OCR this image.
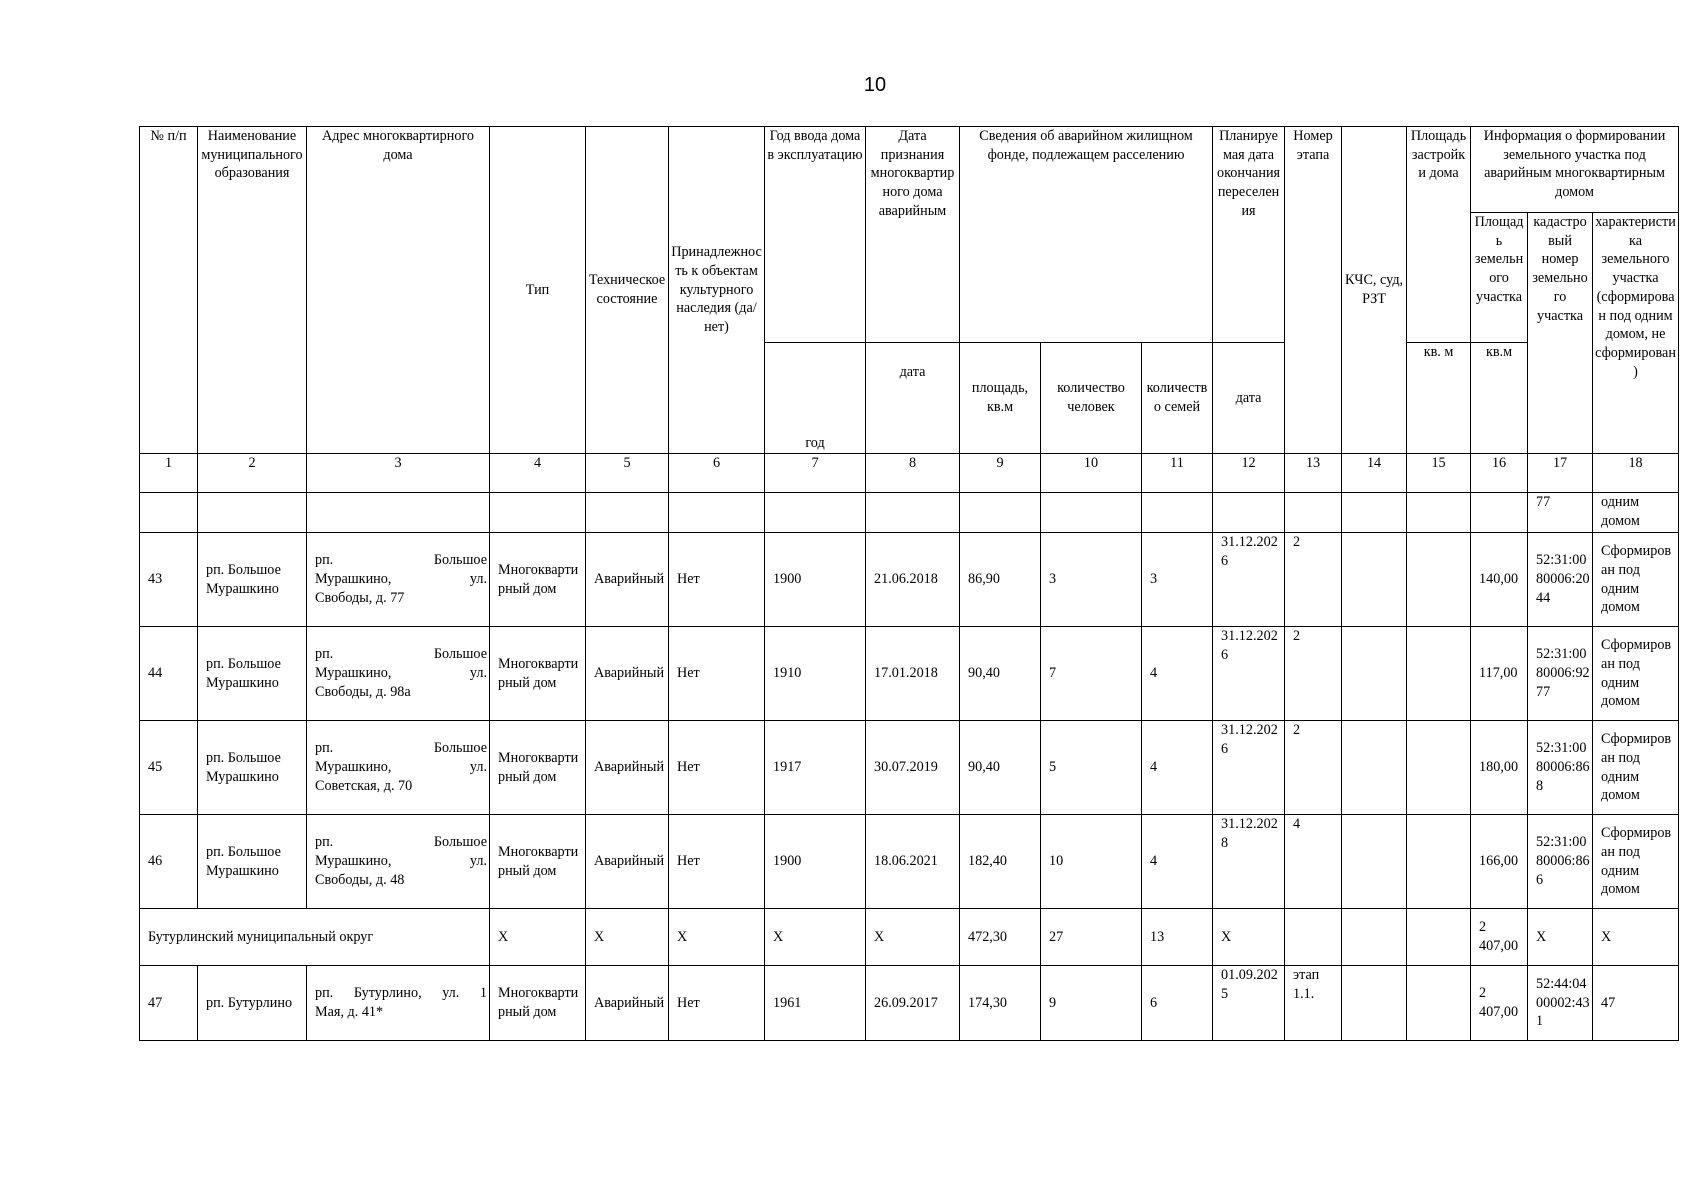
10
№ п/п	Наименование муниципального образования	Адрес многоквартирного дома	Тип	Техническое состояние	Принадлежность к объектам культурного наследия (да/нет)	Год ввода дома в эксплуатацию	Дата признания многоквартирного дома аварийным	Сведения об аварийном жилищном фонде, подлежащем расселению			Планируемая дата окончания переселения	Номер этапа	КЧС, суд, РЗТ	Площадь застройки дома	Информация о формировании земельного участка под аварийным многоквартирным домом		
															Площадь земельного участка	кадастровый номер земельного участка	характеристика земельного участка (сформирован под одним домом, не сформирован)
						год	дата	площадь, кв.м	количество человек	количество семей	дата			кв. м	кв.м		
1	2	3	4	5	6	7	8	9	10	11	12	13	14	15	16	17	18
																77	одним домом
43	рп. Большое Мурашкино	рп. Большое
Мурашкино, ул.
Свободы, д. 77	Многоквартирный дом	Аварийный	Нет	1900	21.06.2018	86,90	3	3	31.12.2026	2			140,00	52:31:0080006:2044	Сформирован под одним домом
44	рп. Большое Мурашкино	рп. Большое
Мурашкино, ул.
Свободы, д. 98а	Многоквартирный дом	Аварийный	Нет	1910	17.01.2018	90,40	7	4	31.12.2026	2			117,00	52:31:0080006:9277	Сформирован под одним домом
45	рп. Большое Мурашкино	рп. Большое
Мурашкино, ул.
Советская, д. 70	Многоквартирный дом	Аварийный	Нет	1917	30.07.2019	90,40	5	4	31.12.2026	2			180,00	52:31:0080006:868	Сформирован под одним домом
46	рп. Большое Мурашкино	рп. Большое
Мурашкино, ул.
Свободы, д. 48	Многоквартирный дом	Аварийный	Нет	1900	18.06.2021	182,40	10	4	31.12.2028	4			166,00	52:31:0080006:866	Сформирован под одним домом
Бутурлинский муниципальный округ			X	X	X	X	X	472,30	27	13	X				2 407,00	X	X
47	рп. Бутурлино	рп. Бутурлино, ул. 1
Мая, д. 41*	Многоквартирный дом	Аварийный	Нет	1961	26.09.2017	174,30	9	6	01.09.2025	этап 1.1.			2 407,00	52:44:0400002:431	47
